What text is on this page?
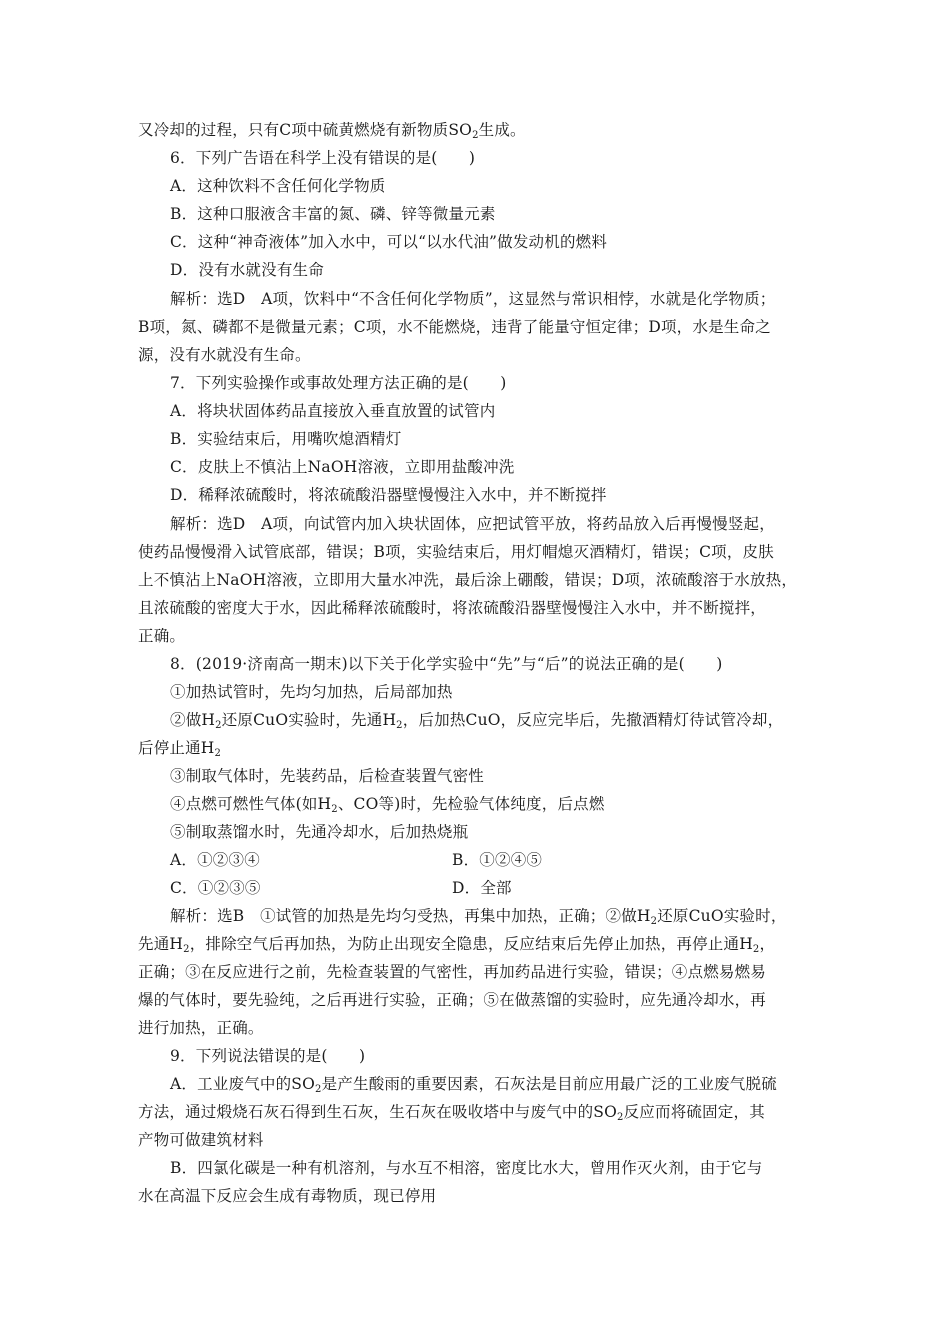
又冷却的过程，只有C项中硫黄燃烧有新物质$SO_2$生成。
6．下列广告语在科学上没有错误的是(　　)
A．这种饮料不含任何化学物质
B．这种口服液含丰富的氮、磷、锌等微量元素
C．这种“神奇液体”加入水中，可以“以水代油”做发动机的燃料
D．没有水就没有生命
解析：选D　A项，饮料中“不含任何化学物质”，这显然与常识相悖，水就是化学物质；
B项，氮、磷都不是微量元素；C项，水不能燃烧，违背了能量守恒定律；D项，水是生命之
源，没有水就没有生命。
7．下列实验操作或事故处理方法正确的是(　　)
A．将块状固体药品直接放入垂直放置的试管内
B．实验结束后，用嘴吹熄酒精灯
C．皮肤上不慎沾上NaOH溶液，立即用盐酸冲洗
D．稀释浓硫酸时，将浓硫酸沿器壁慢慢注入水中，并不断搅拌
解析：选D　A项，向试管内加入块状固体，应把试管平放，将药品放入后再慢慢竖起，
使药品慢慢滑入试管底部，错误；B项，实验结束后，用灯帽熄灭酒精灯，错误；C项，皮肤
上不慎沾上NaOH溶液，立即用大量水冲洗，最后涂上硼酸，错误；D项，浓硫酸溶于水放热，
且浓硫酸的密度大于水，因此稀释浓硫酸时，将浓硫酸沿器壁慢慢注入水中，并不断搅拌，
正确。
8．(2019·济南高一期末)以下关于化学实验中“先”与“后”的说法正确的是(　　)
①加热试管时，先均匀加热，后局部加热
②做$H_2$还原CuO实验时，先通$H_2$，后加热CuO，反应完毕后，先撤酒精灯待试管冷却，
后停止通$H_2$
③制取气体时，先装药品，后检查装置气密性
④点燃可燃性气体(如$H_2$、CO等)时，先检验气体纯度，后点燃
⑤制取蒸馏水时，先通冷却水，后加热烧瓶
A．①②③④	B．①②④⑤
C．①②③⑤	D．全部
解析：选B　①试管的加热是先均匀受热，再集中加热，正确；②做$H_2$还原CuO实验时，
先通$H_2$，排除空气后再加热，为防止出现安全隐患，反应结束后先停止加热，再停止通$H_2$，
正确；③在反应进行之前，先检查装置的气密性，再加药品进行实验，错误；④点燃易燃易
爆的气体时，要先验纯，之后再进行实验，正确；⑤在做蒸馏的实验时，应先通冷却水，再
进行加热，正确。
9．下列说法错误的是(　　)
A．工业废气中的$SO_2$是产生酸雨的重要因素，石灰法是目前应用最广泛的工业废气脱硫
方法，通过煅烧石灰石得到生石灰，生石灰在吸收塔中与废气中的$SO_2$反应而将硫固定，其
产物可做建筑材料
B．四氯化碳是一种有机溶剂，与水互不相溶，密度比水大，曾用作灭火剂，由于它与
水在高温下反应会生成有毒物质，现已停用
